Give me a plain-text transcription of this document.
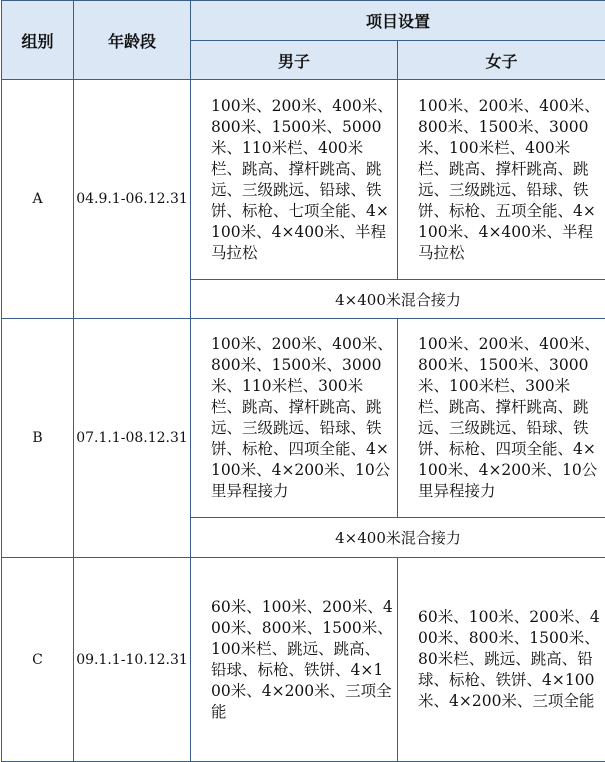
组别	年龄段	项目设置	
		男子	女子
A	04.9.1-06.12.31	100米、200米、400米、800米、1500米、5000米、110米栏、400米栏、跳高、撑杆跳高、跳远、三级跳远、铅球、铁饼、标枪、七项全能、4×100米、4×400米、半程马拉松	100米、200米、400米、800米、1500米、3000米、100米栏、400米栏、跳高、撑杆跳高、跳远、三级跳远、铅球、铁饼、标枪、五项全能、4×100米、4×400米、半程马拉松
		4×400米混合接力	
B	07.1.1-08.12.31	100米、200米、400米、800米、1500米、3000米、110米栏、300米栏、跳高、撑杆跳高、跳远、三级跳远、铅球、铁饼、标枪、四项全能、4×100米、4×200米、10公里异程接力	100米、200米、400米、800米、1500米、3000米、100米栏、300米栏、跳高、撑杆跳高、跳远、三级跳远、铅球、铁饼、标枪、四项全能、4×100米、4×200米、10公里异程接力
		4×400米混合接力	
C	09.1.1-10.12.31	60米、100米、200米、400米、800米、1500米、100米栏、跳远、跳高、铅球、标枪、铁饼、4×100米、4×200米、三项全能	60米、100米、200米、400米、800米、1500米、80米栏、跳远、跳高、铅球、标枪、铁饼、4×100米、4×200米、三项全能
